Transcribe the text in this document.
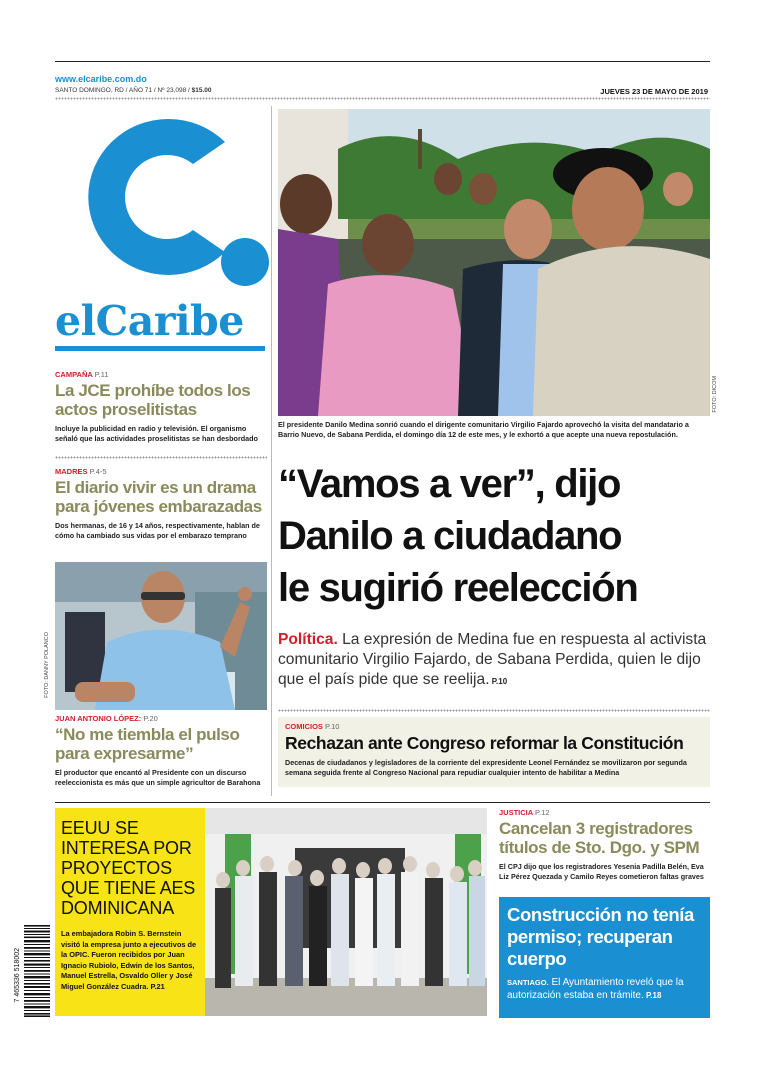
www.elcaribe.com.do
SANTO DOMINGO, RD / AÑO 71 / Nº 23,098 / $15.00	JUEVES 23 DE MAYO DE 2019
elCaribe
CAMPAÑA P.11
La JCE prohíbe todos los actos proselitistas
Incluye la publicidad en radio y televisión. El organismo señaló que las actividades proselitistas se han desbordado
MADRES P.4-5
El diario vivir es un drama para jóvenes embarazadas
Dos hermanas, de 16 y 14 años, respectivamente, hablan de cómo ha cambiado sus vidas por el embarazo temprano
FOTO: DANNY POLANCO
JUAN ANTONIO LÓPEZ: P.20
“No me tiembla el pulso para expresarme”
El productor que encantó al Presidente con un discurso reeleccionista es más que un simple agricultor de Barahona
FOTO: DICOM
El presidente Danilo Medina sonrió cuando el dirigente comunitario Virgilio Fajardo aprovechó la visita del mandatario a Barrio Nuevo, de Sabana Perdida, el domingo día 12 de este mes, y le exhortó a que acepte una nueva repostulación.
“Vamos a ver”, dijo
Danilo a ciudadano
le sugirió reelección
Política. La expresión de Medina fue en respuesta al activista comunitario Virgilio Fajardo, de Sabana Perdida, quien le dijo que el país pide que se reelija. P.10
COMICIOS P.10
Rechazan ante Congreso reformar la Constitución
Decenas de ciudadanos y legisladores de la corriente del expresidente Leonel Fernández se movilizaron por segunda semana seguida frente al Congreso Nacional para repudiar cualquier intento de habilitar a Medina
EEUU SE INTERESA POR PROYECTOS QUE TIENE AES DOMINICANA
La embajadora Robin S. Bernstein visitó la empresa junto a ejecutivos de la OPIC. Fueron recibidos por Juan Ignacio Rubiolo, Edwin de los Santos, Manuel Estrella, Osvaldo Oller y José Miguel González Cuadra. P.21
7 465336 518002
JUSTICIA P.12
Cancelan 3 registradores títulos de Sto. Dgo. y SPM
El CPJ dijo que los registradores Yesenia Padilla Belén, Eva Liz Pérez Quezada y Camilo Reyes cometieron faltas graves
Construcción no tenía permiso; recuperan cuerpo
SANTIAGO. El Ayuntamiento reveló que la autorización estaba en trámite. P.18
